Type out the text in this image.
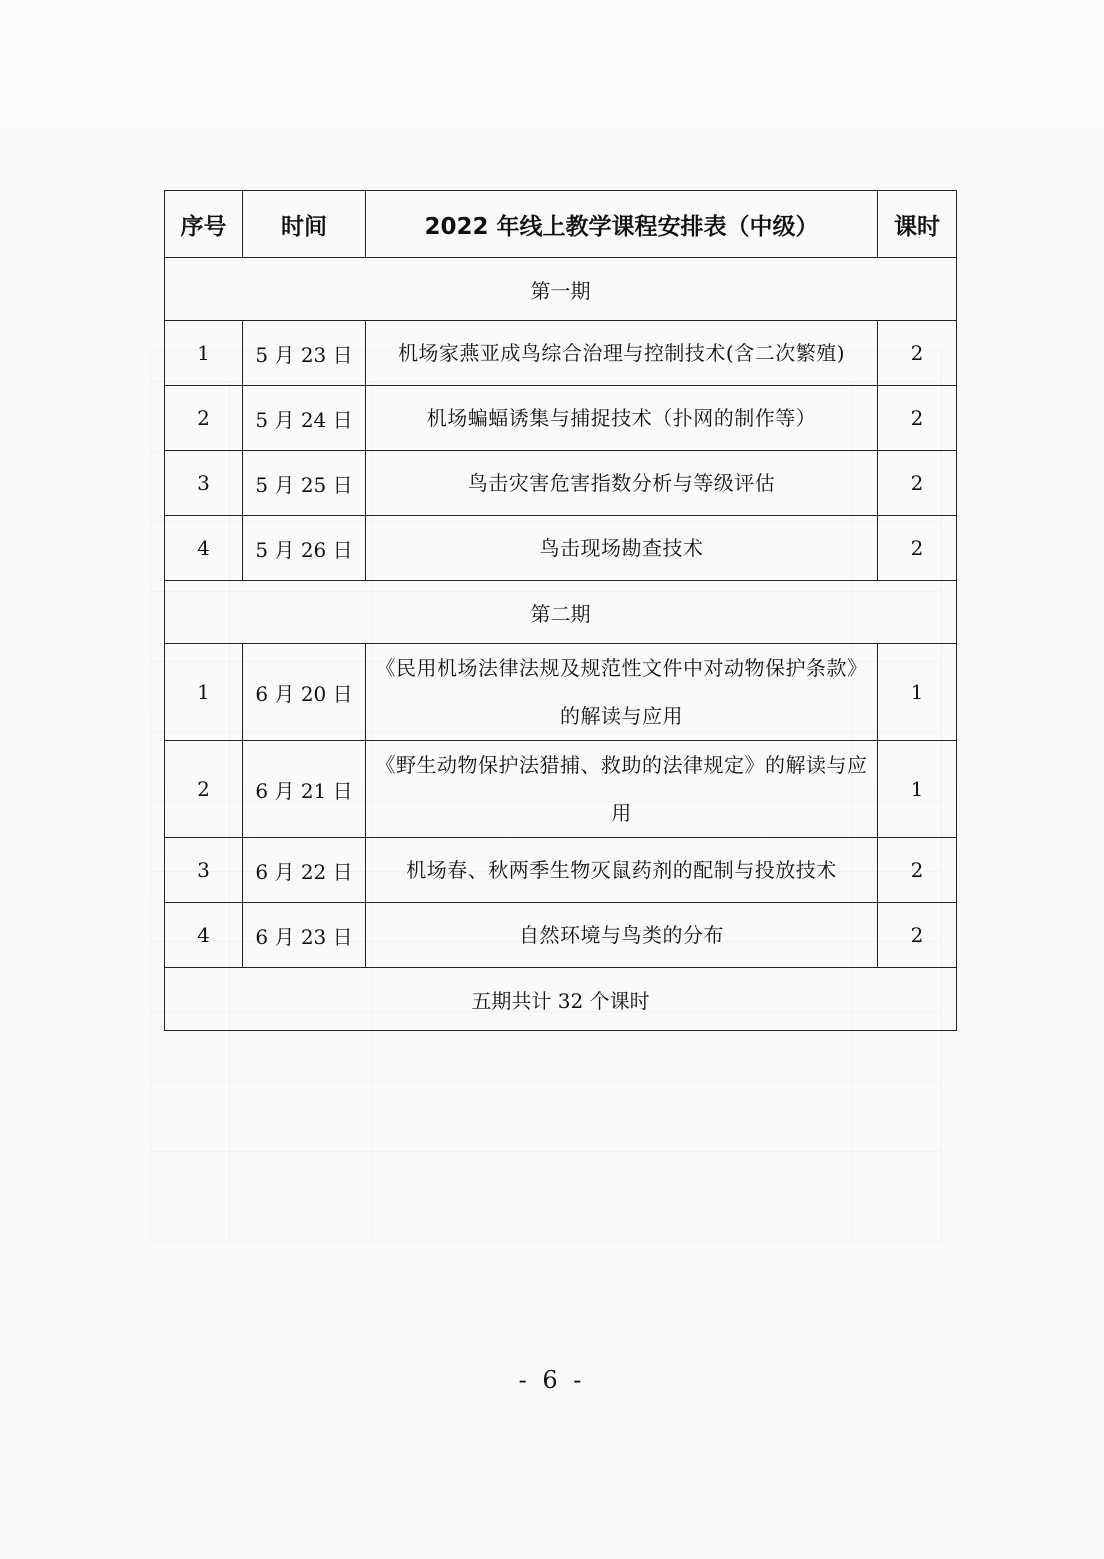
序号	时间	2022 年线上教学课程安排表（中级）	课时
第一期			
1	5 月 23 日	机场家燕亚成鸟综合治理与控制技术(含二次繁殖)	2
2	5 月 24 日	机场蝙蝠诱集与捕捉技术（扑网的制作等）	2
3	5 月 25 日	鸟击灾害危害指数分析与等级评估	2
4	5 月 26 日	鸟击现场勘查技术	2
第二期			
1	6 月 20 日	《民用机场法律法规及规范性文件中对动物保护条款》的解读与应用	1
2	6 月 21 日	《野生动物保护法猎捕、救助的法律规定》的解读与应用	1
3	6 月 22 日	机场春、秋两季生物灭鼠药剂的配制与投放技术	2
4	6 月 23 日	自然环境与鸟类的分布	2
五期共计 32 个课时			
- 6 -
